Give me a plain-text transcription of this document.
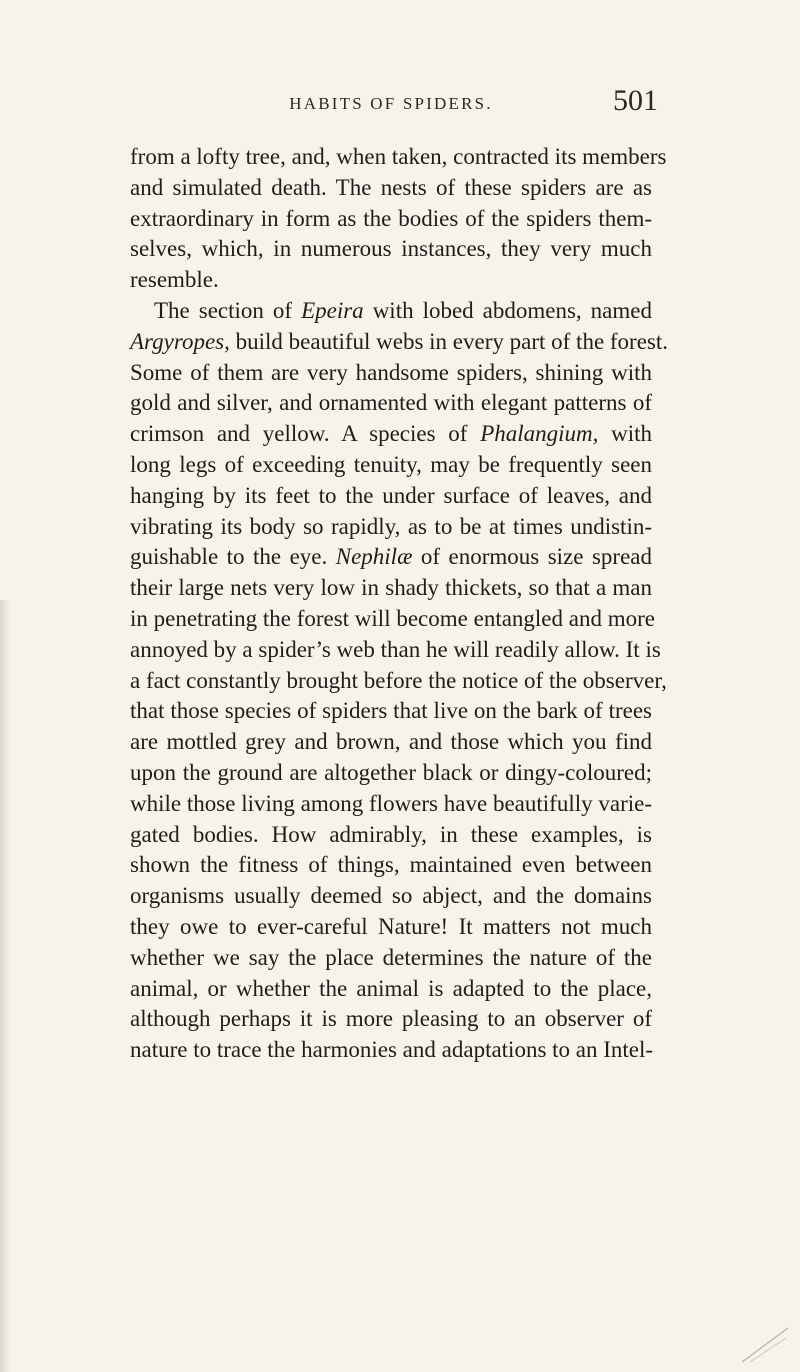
HABITS OF SPIDERS.	501
from a lofty tree, and, when taken, contracted its members
and simulated death. The nests of these spiders are as
extraordinary in form as the bodies of the spiders them-
selves, which, in numerous instances, they very much
resemble.
The section of Epeira with lobed abdomens, named
Argyropes, build beautiful webs in every part of the forest.
Some of them are very handsome spiders, shining with
gold and silver, and ornamented with elegant patterns of
crimson and yellow. A species of Phalangium, with
long legs of exceeding tenuity, may be frequently seen
hanging by its feet to the under surface of leaves, and
vibrating its body so rapidly, as to be at times undistin-
guishable to the eye. Nephilæ of enormous size spread
their large nets very low in shady thickets, so that a man
in penetrating the forest will become entangled and more
annoyed by a spider’s web than he will readily allow. It is
a fact constantly brought before the notice of the observer,
that those species of spiders that live on the bark of trees
are mottled grey and brown, and those which you find
upon the ground are altogether black or dingy-coloured;
while those living among flowers have beautifully varie-
gated bodies. How admirably, in these examples, is
shown the fitness of things, maintained even between
organisms usually deemed so abject, and the domains
they owe to ever-careful Nature! It matters not much
whether we say the place determines the nature of the
animal, or whether the animal is adapted to the place,
although perhaps it is more pleasing to an observer of
nature to trace the harmonies and adaptations to an Intel-
